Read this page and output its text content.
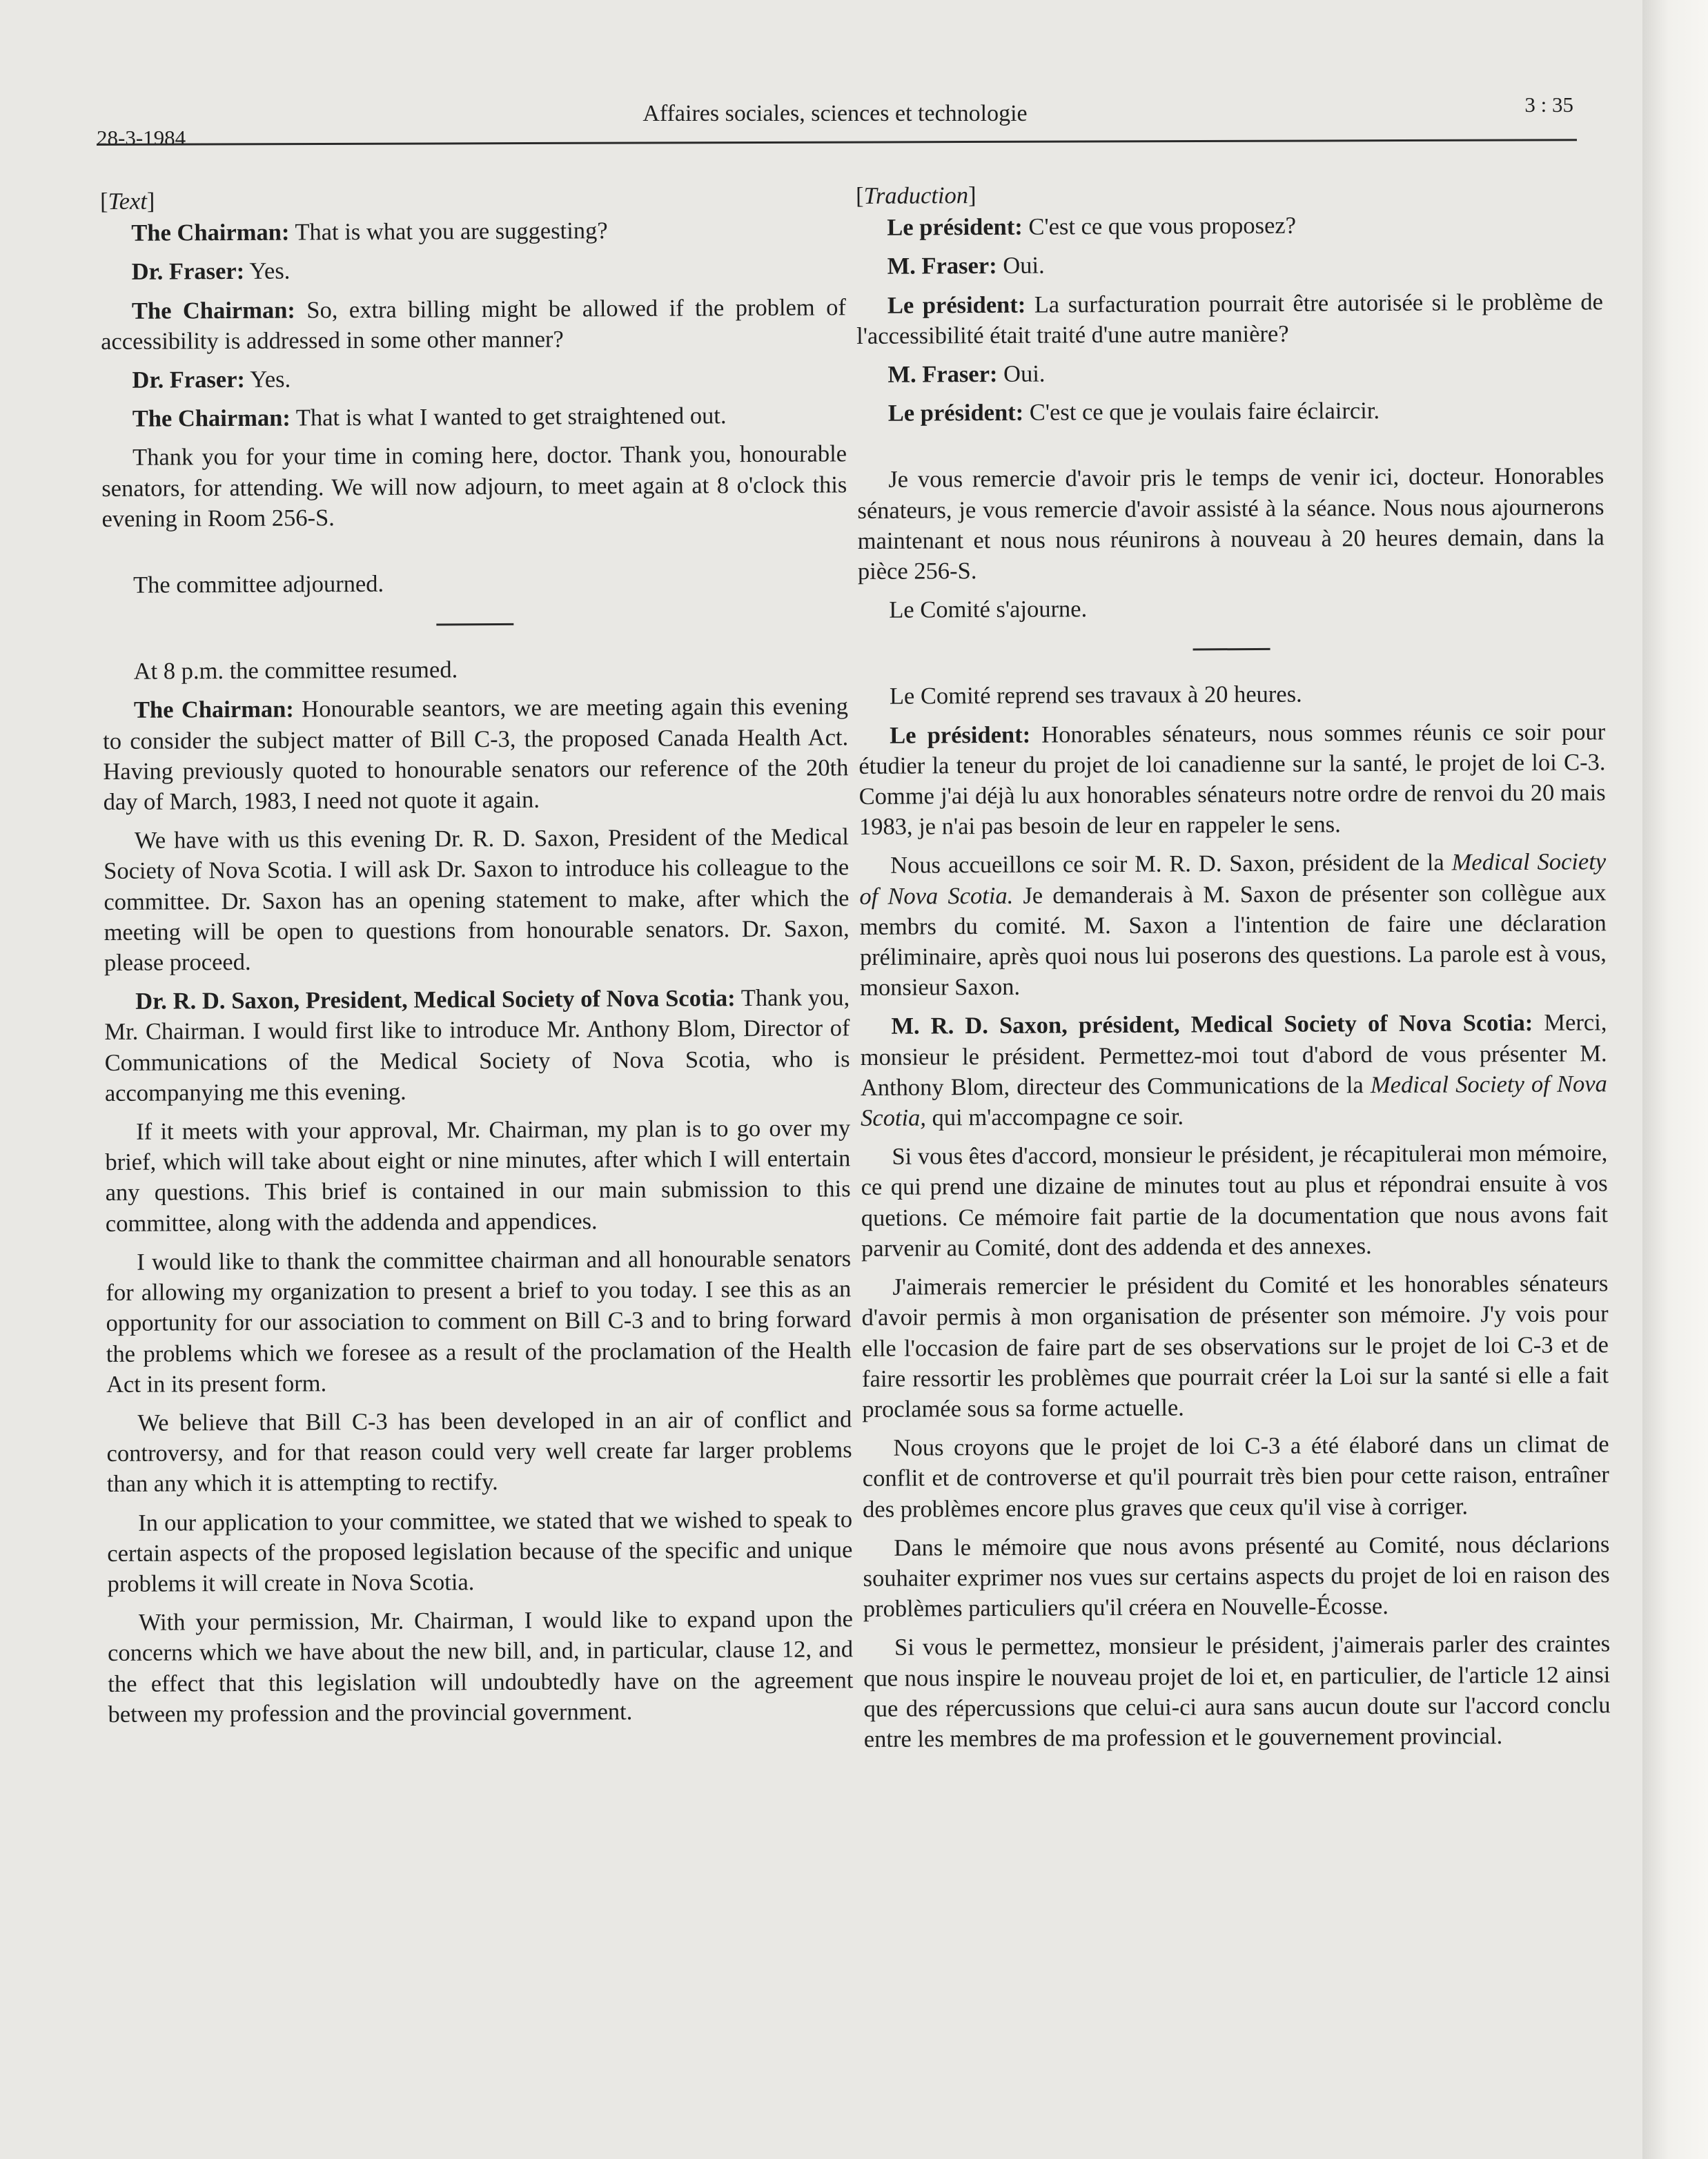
28-3-1984
Affaires sociales, sciences et technologie	3 : 35

[Text]

The Chairman: That is what you are suggesting?

Dr. Fraser: Yes.

The Chairman: So, extra billing might be allowed if the problem of accessibility is addressed in some other manner?

Dr. Fraser: Yes.

The Chairman: That is what I wanted to get straightened out.

Thank you for your time in coming here, doctor. Thank you, honourable senators, for attending. We will now adjourn, to meet again at 8 o'clock this evening in Room 256-S.

The committee adjourned.

At 8 p.m. the committee resumed.

The Chairman: Honourable seantors, we are meeting again this evening to consider the subject matter of Bill C-3, the proposed Canada Health Act. Having previously quoted to honourable senators our reference of the 20th day of March, 1983, I need not quote it again.

We have with us this evening Dr. R. D. Saxon, President of the Medical Society of Nova Scotia. I will ask Dr. Saxon to introduce his colleague to the committee. Dr. Saxon has an opening statement to make, after which the meeting will be open to questions from honourable senators. Dr. Saxon, please proceed.

Dr. R. D. Saxon, President, Medical Society of Nova Scotia: Thank you, Mr. Chairman. I would first like to introduce Mr. Anthony Blom, Director of Communications of the Medical Society of Nova Scotia, who is accompanying me this evening.

If it meets with your approval, Mr. Chairman, my plan is to go over my brief, which will take about eight or nine minutes, after which I will entertain any questions. This brief is contained in our main submission to this committee, along with the addenda and appendices.

I would like to thank the committee chairman and all honourable senators for allowing my organization to present a brief to you today. I see this as an opportunity for our association to comment on Bill C-3 and to bring forward the problems which we foresee as a result of the proclamation of the Health Act in its present form.

We believe that Bill C-3 has been developed in an air of conflict and controversy, and for that reason could very well create far larger problems than any which it is attempting to rectify.

In our application to your committee, we stated that we wished to speak to certain aspects of the proposed legislation because of the specific and unique problems it will create in Nova Scotia.

With your permission, Mr. Chairman, I would like to expand upon the concerns which we have about the new bill, and, in particular, clause 12, and the effect that this legislation will undoubtedly have on the agreement between my profession and the provincial government.

[Traduction]

Le président: C'est ce que vous proposez?

M. Fraser: Oui.

Le président: La surfacturation pourrait être autorisée si le problème de l'accessibilité était traité d'une autre manière?

M. Fraser: Oui.

Le président: C'est ce que je voulais faire éclaircir.

Je vous remercie d'avoir pris le temps de venir ici, docteur. Honorables sénateurs, je vous remercie d'avoir assisté à la séance. Nous nous ajournerons maintenant et nous nous réunirons à nouveau à 20 heures demain, dans la pièce 256-S.

Le Comité s'ajourne.

Le Comité reprend ses travaux à 20 heures.

Le président: Honorables sénateurs, nous sommes réunis ce soir pour étudier la teneur du projet de loi canadienne sur la santé, le projet de loi C-3. Comme j'ai déjà lu aux honorables sénateurs notre ordre de renvoi du 20 mais 1983, je n'ai pas besoin de leur en rappeler le sens.

Nous accueillons ce soir M. R. D. Saxon, président de la Medical Society of Nova Scotia. Je demanderais à M. Saxon de présenter son collègue aux membrs du comité. M. Saxon a l'intention de faire une déclaration préliminaire, après quoi nous lui poserons des questions. La parole est à vous, monsieur Saxon.

M. R. D. Saxon, président, Medical Society of Nova Scotia: Merci, monsieur le président. Permettez-moi tout d'abord de vous présenter M. Anthony Blom, directeur des Communications de la Medical Society of Nova Scotia, qui m'accompagne ce soir.

Si vous êtes d'accord, monsieur le président, je récapitulerai mon mémoire, ce qui prend une dizaine de minutes tout au plus et répondrai ensuite à vos quetions. Ce mémoire fait partie de la documentation que nous avons fait parvenir au Comité, dont des addenda et des annexes.

J'aimerais remercier le président du Comité et les honorables sénateurs d'avoir permis à mon organisation de présenter son mémoire. J'y vois pour elle l'occasion de faire part de ses observations sur le projet de loi C-3 et de faire ressortir les problèmes que pourrait créer la Loi sur la santé si elle a fait proclamée sous sa forme actuelle.

Nous croyons que le projet de loi C-3 a été élaboré dans un climat de conflit et de controverse et qu'il pourrait très bien pour cette raison, entraîner des problèmes encore plus graves que ceux qu'il vise à corriger.

Dans le mémoire que nous avons présenté au Comité, nous déclarions souhaiter exprimer nos vues sur certains aspects du projet de loi en raison des problèmes particuliers qu'il créera en Nouvelle-Écosse.

Si vous le permettez, monsieur le président, j'aimerais parler des craintes que nous inspire le nouveau projet de loi et, en particulier, de l'article 12 ainsi que des répercussions que celui-ci aura sans aucun doute sur l'accord conclu entre les membres de ma profession et le gouvernement provincial.
